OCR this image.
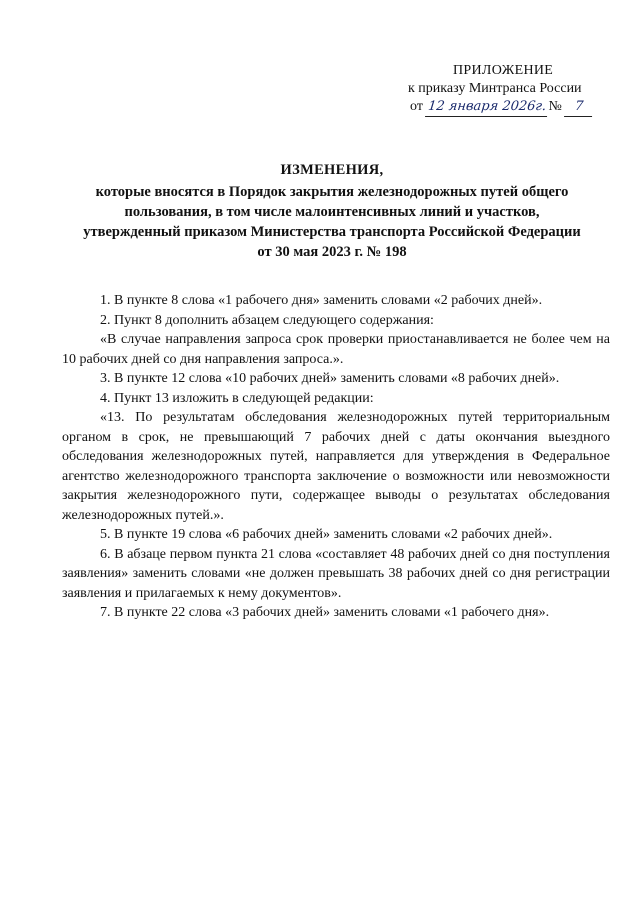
ПРИЛОЖЕНИЕ
к приказу Минтранса России
от 12 января 2026г.№ 7
ИЗМЕНЕНИЯ,
которые вносятся в Порядок закрытия железнодорожных путей общего
пользования, в том числе малоинтенсивных линий и участков,
утвержденный приказом Министерства транспорта Российской Федерации
от 30 мая 2023 г. № 198

1. В пункте 8 слова «1 рабочего дня» заменить словами «2 рабочих дней».

2. Пункт 8 дополнить абзацем следующего содержания:

«В случае направления запроса срок проверки приостанавливается не более чем на 10 рабочих дней со дня направления запроса.».

3. В пункте 12 слова «10 рабочих дней» заменить словами «8 рабочих дней».

4. Пункт 13 изложить в следующей редакции:

«13. По результатам обследования железнодорожных путей территориальным органом в срок, не превышающий 7 рабочих дней с даты окончания выездного обследования железнодорожных путей, направляется для утверждения в Федеральное агентство железнодорожного транспорта заключение о возможности или невозможности закрытия железнодорожного пути, содержащее выводы о результатах обследования железнодорожных путей.».

5. В пункте 19 слова «6 рабочих дней» заменить словами «2 рабочих дней».

6. В абзаце первом пункта 21 слова «составляет 48 рабочих дней со дня поступления заявления» заменить словами «не должен превышать 38 рабочих дней со дня регистрации заявления и прилагаемых к нему документов».

7. В пункте 22 слова «3 рабочих дней» заменить словами «1 рабочего дня».
